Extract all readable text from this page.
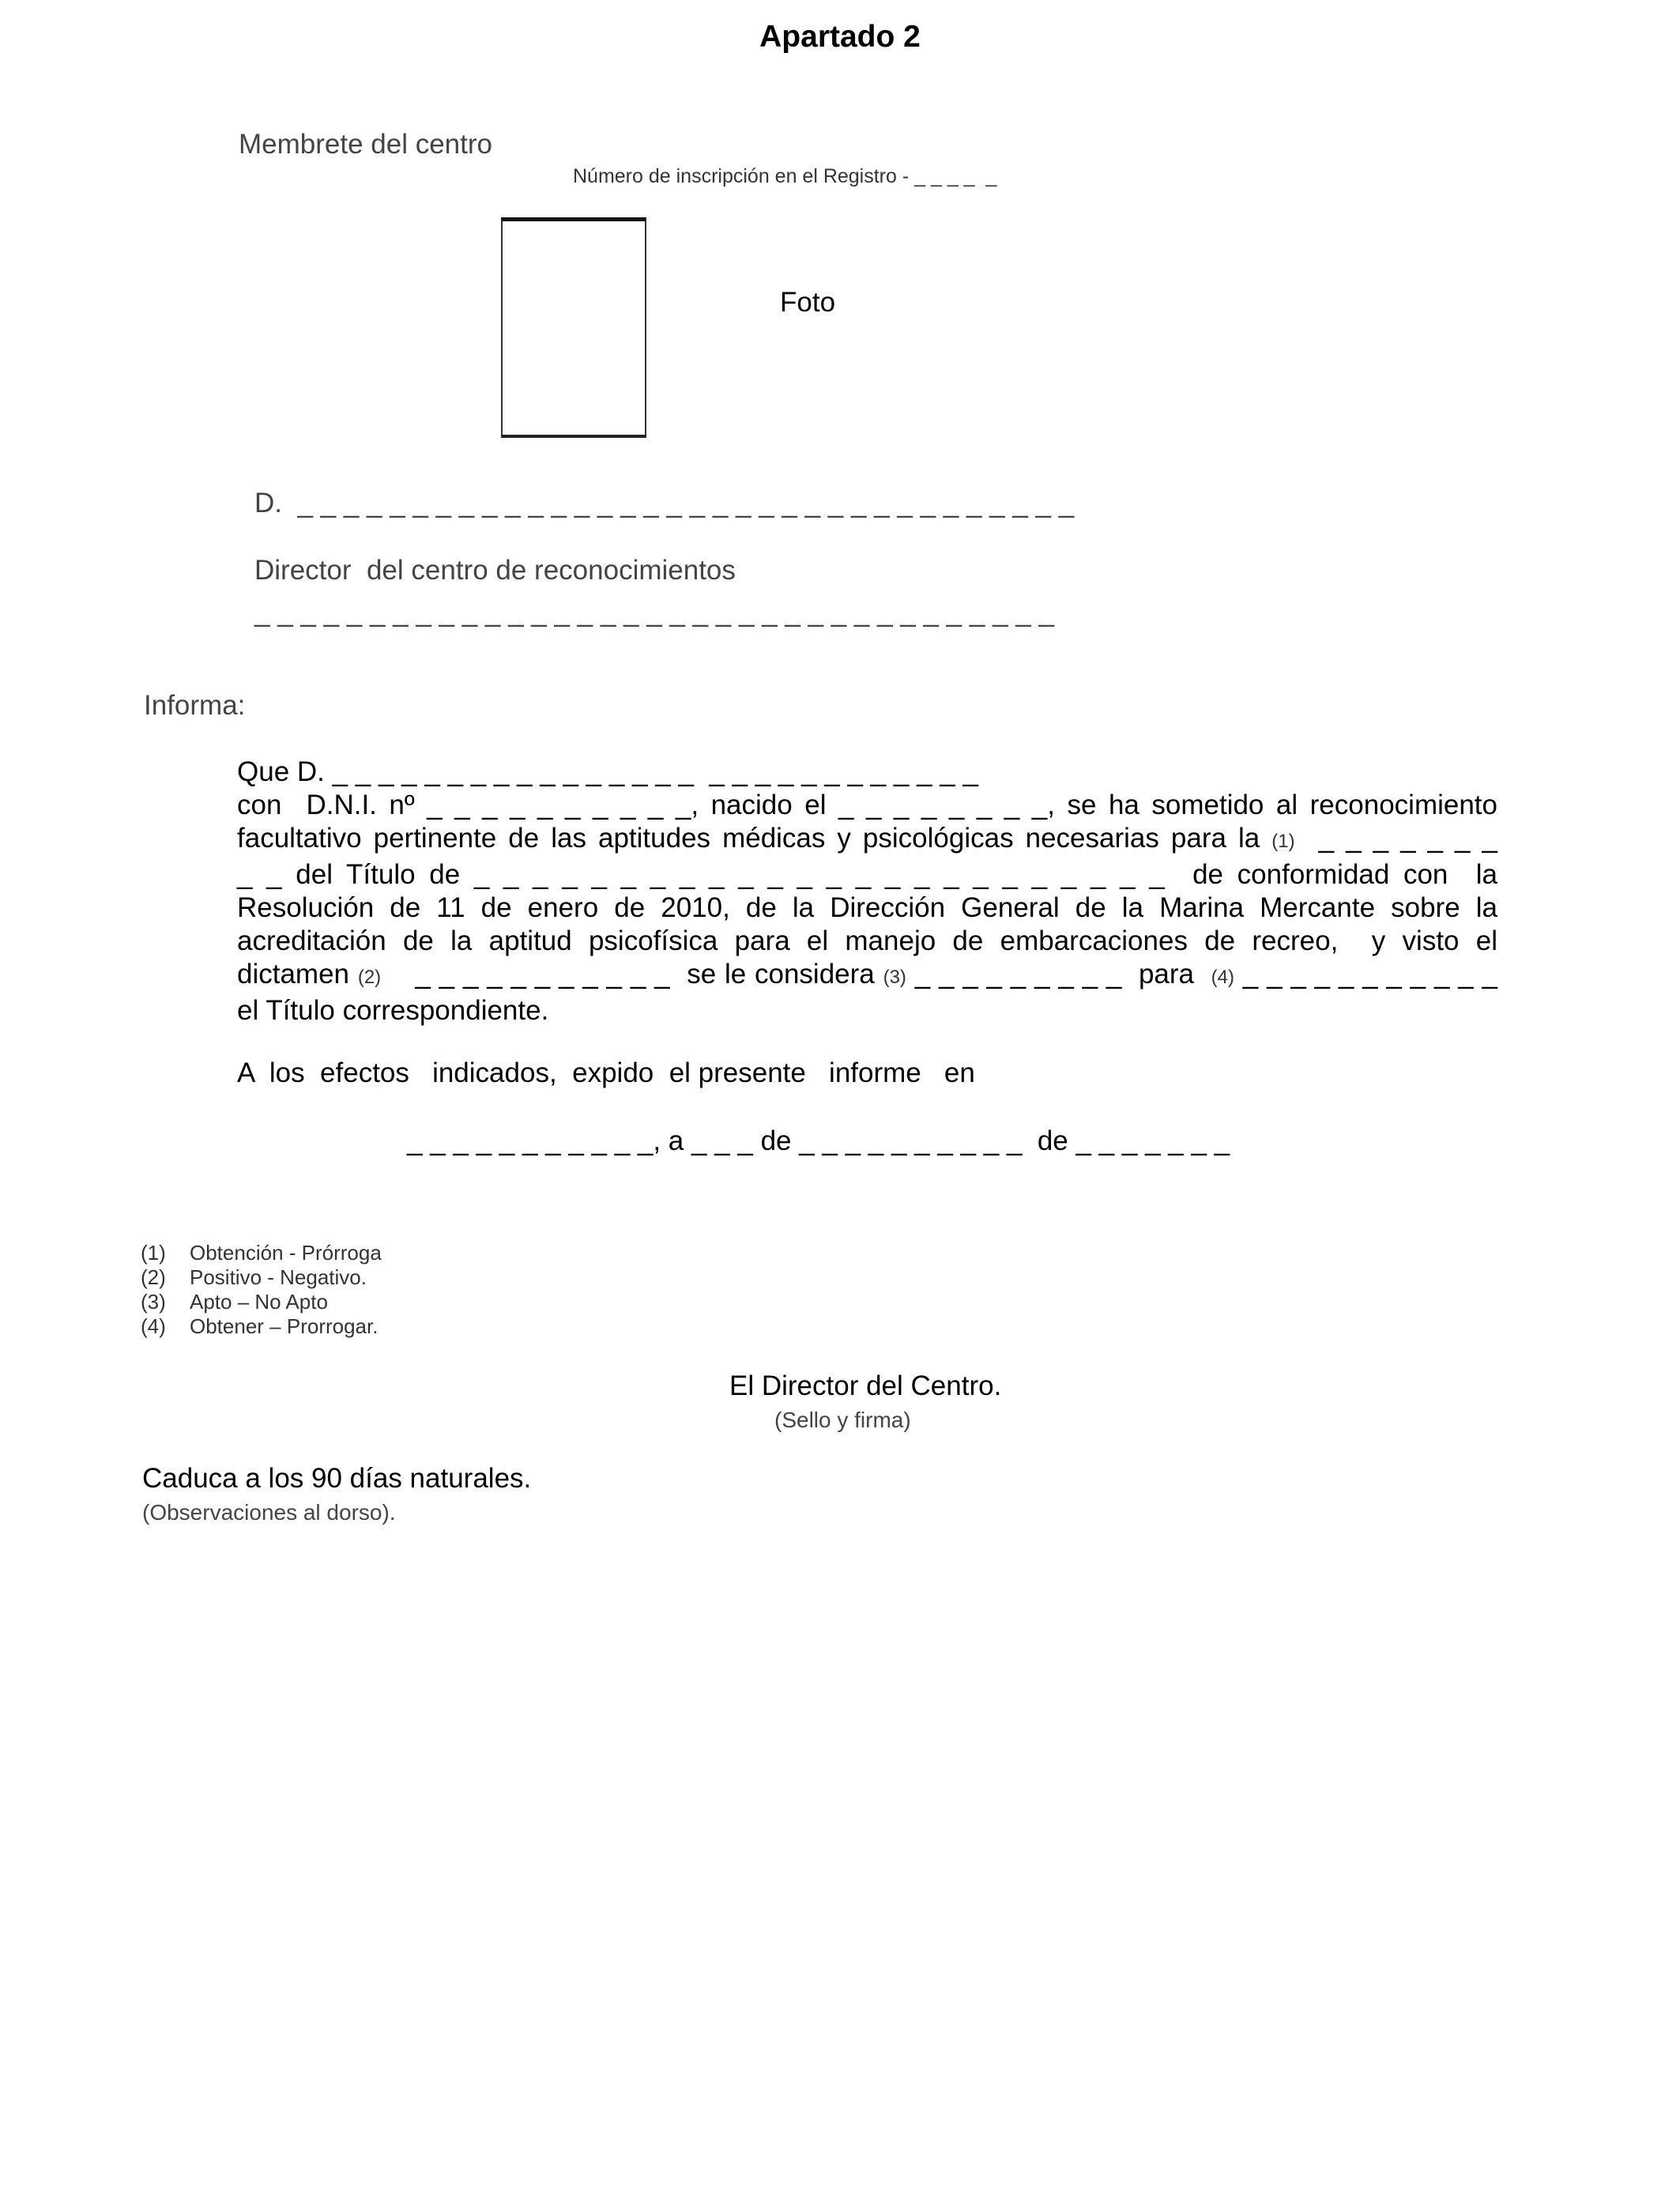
Apartado 2
Membrete del centro
Número de inscripción en el Registro - _ _ _ _  _
Foto
D.  _ _ _ _ _ _ _ _ _ _ _ _ _ _ _ _ _ _ _ _ _ _ _ _ _ _ _ _ _ _ _ _ _ _
Director  del centro de reconocimientos
_ _ _ _ _ _ _ _ _ _ _ _ _ _ _ _ _ _ _ _ _ _ _ _ _ _ _ _ _ _ _ _ _ _ _
Informa:
Que D. _ _ _ _ _ _ _ _ _ _ _ _ _ _ _ _  _ _ _ _ _ _ _ _ _ _ _ _
con  D.N.I. nº _ _ _ _ _ _ _ _ _ _, nacido el _ _ _ _ _ _ _ _, se ha sometido al reconocimiento
facultativo pertinente de las aptitudes médicas y psicológicas necesarias para la (1) _ _ _ _ _ _ _
_ _ del Título de _ _ _ _ _ _ _ _ _ _ _ _ _ _ _ _ _ _ _ _ _ _ _ _  de conformidad con  la
Resolución de 11 de enero de 2010, de la Dirección General de la Marina Mercante sobre la
acreditación de la aptitud psicofísica para el manejo de embarcaciones de recreo,  y visto el
dictamen (2) _ _ _ _ _ _ _ _ _ _ _ se le considera (3) _ _ _ _ _ _ _ _ _ para (4) _ _ _ _ _ _ _ _ _ _ _
el Título correspondiente.
A  los  efectos   indicados,  expido  el presente   informe   en
_ _ _ _ _ _ _ _ _ _ _, a _ _ _ de _ _ _ _ _ _ _ _ _ _  de _ _ _ _ _ _ _
(1) Obtención - Prórroga
(2) Positivo - Negativo.
(3) Apto – No Apto
(4) Obtener – Prorrogar.
El Director del Centro.
(Sello y firma)
Caduca a los 90 días naturales.
(Observaciones al dorso).
